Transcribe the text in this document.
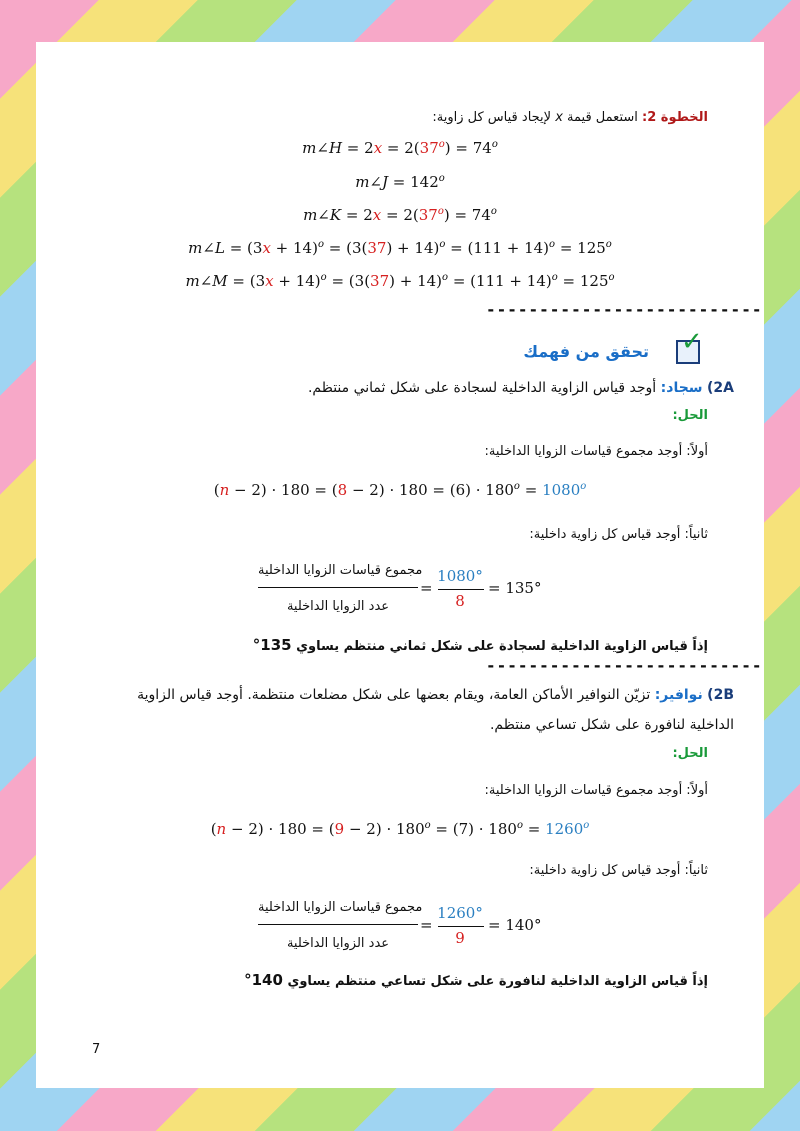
الخطوة 2: استعمل قيمة x لإيجاد قياس كل زاوية:
m∠H = $2x = 2(37^o) = 74^o$
m∠J = $142^o$
m∠K = $2x = 2(37^o) = 74^o$
m∠L = $(3x + 14)^o = (3(37) + 14)^o = (111 + 14)^o = 125^o$
m∠M = $(3x + 14)^o = (3(37) + 14)^o = (111 + 14)^o = 125^o$
--------------------------
تحقق من فهمك ✓
2A) سجاد: أوجد قياس الزاوية الداخلية لسجادة على شكل ثماني منتظم.
الحل:
أولاً: أوجد مجموع قياسات الزوايا الداخلية:
$(n - 2) \cdot 180 = (8 - 2) \cdot 180 = (6) \cdot 180^o = 1080^o$
ثانياً: أوجد قياس كل زاوية داخلية:
مجموع قياسات الزوايا الداخلية
عدد الزوايا الداخلية
=
1080°
8
= 135°
إذاً قياس الزاوية الداخلية لسجادة على شكل ثماني منتظم يساوي 135°
--------------------------
2B) نوافير: تزيّن النوافير الأماكن العامة، ويقام بعضها على شكل مضلعات منتظمة. أوجد قياس الزاوية
الداخلية لنافورة على شكل تساعي منتظم.
الحل:
أولاً: أوجد مجموع قياسات الزوايا الداخلية:
$(n - 2) \cdot 180 = (9 - 2) \cdot 180^o = (7) \cdot 180^o = 1260^o$
ثانياً: أوجد قياس كل زاوية داخلية:
مجموع قياسات الزوايا الداخلية
عدد الزوايا الداخلية
=
1260°
9
= 140°
إذاً قياس الزاوية الداخلية لنافورة على شكل تساعي منتظم يساوي 140°
7
